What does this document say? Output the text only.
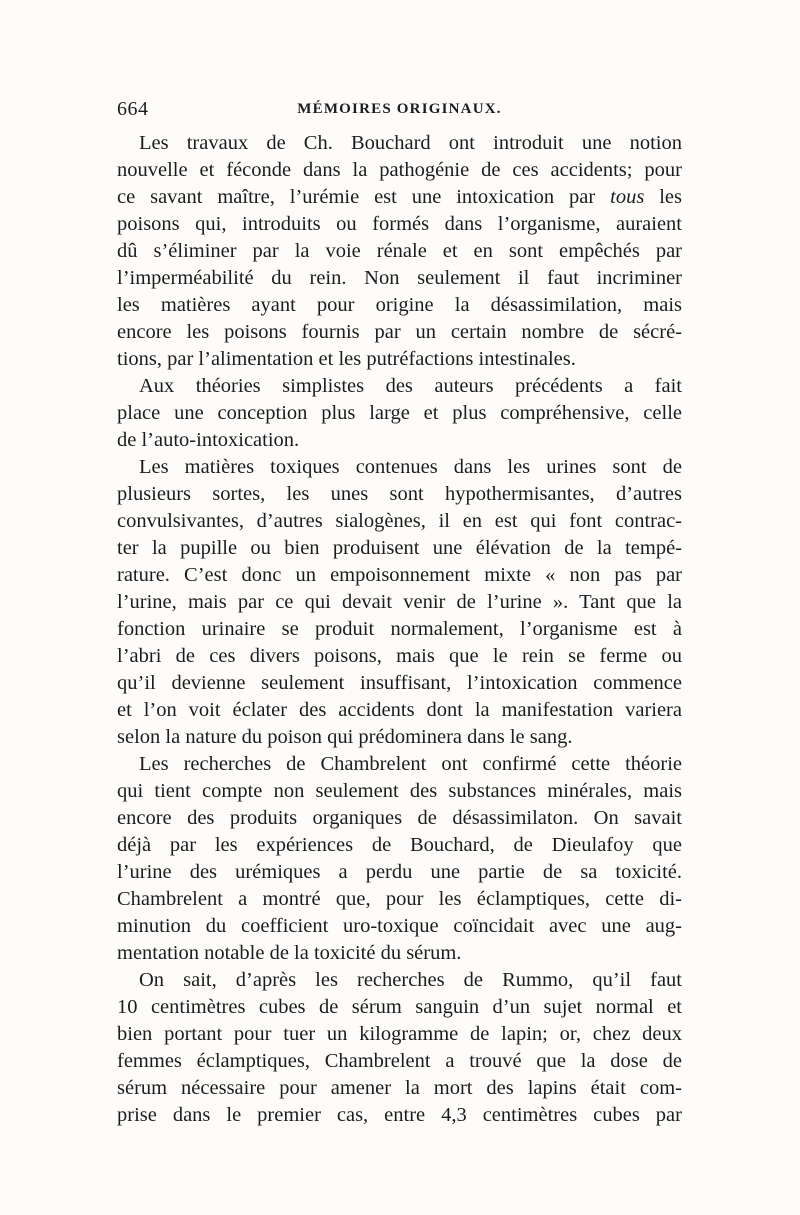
664	MÉMOIRES ORIGINAUX.
Les travaux de Ch. Bouchard ont introduit une notion
nouvelle et féconde dans la pathogénie de ces accidents; pour
ce savant maître, l’urémie est une intoxication par tous les
poisons qui, introduits ou formés dans l’organisme, auraient
dû s’éliminer par la voie rénale et en sont empêchés par
l’imperméabilité du rein. Non seulement il faut incriminer
les matières ayant pour origine la désassimilation, mais
encore les poisons fournis par un certain nombre de sécré-
tions, par l’alimentation et les putréfactions intestinales.
Aux théories simplistes des auteurs précédents a fait
place une conception plus large et plus compréhensive, celle
de l’auto-intoxication.
Les matières toxiques contenues dans les urines sont de
plusieurs sortes, les unes sont hypothermisantes, d’autres
convulsivantes, d’autres sialogènes, il en est qui font contrac-
ter la pupille ou bien produisent une élévation de la tempé-
rature. C’est donc un empoisonnement mixte « non pas par
l’urine, mais par ce qui devait venir de l’urine ». Tant que la
fonction urinaire se produit normalement, l’organisme est à
l’abri de ces divers poisons, mais que le rein se ferme ou
qu’il devienne seulement insuffisant, l’intoxication commence
et l’on voit éclater des accidents dont la manifestation variera
selon la nature du poison qui prédominera dans le sang.
Les recherches de Chambrelent ont confirmé cette théorie
qui tient compte non seulement des substances minérales, mais
encore des produits organiques de désassimilaton. On savait
déjà par les expériences de Bouchard, de Dieulafoy que
l’urine des urémiques a perdu une partie de sa toxicité.
Chambrelent a montré que, pour les éclamptiques, cette di-
minution du coefficient uro-toxique coïncidait avec une aug-
mentation notable de la toxicité du sérum.
On sait, d’après les recherches de Rummo, qu’il faut
10 centimètres cubes de sérum sanguin d’un sujet normal et
bien portant pour tuer un kilogramme de lapin; or, chez deux
femmes éclamptiques, Chambrelent a trouvé que la dose de
sérum nécessaire pour amener la mort des lapins était com-
prise dans le premier cas, entre 4,3 centimètres cubes par
